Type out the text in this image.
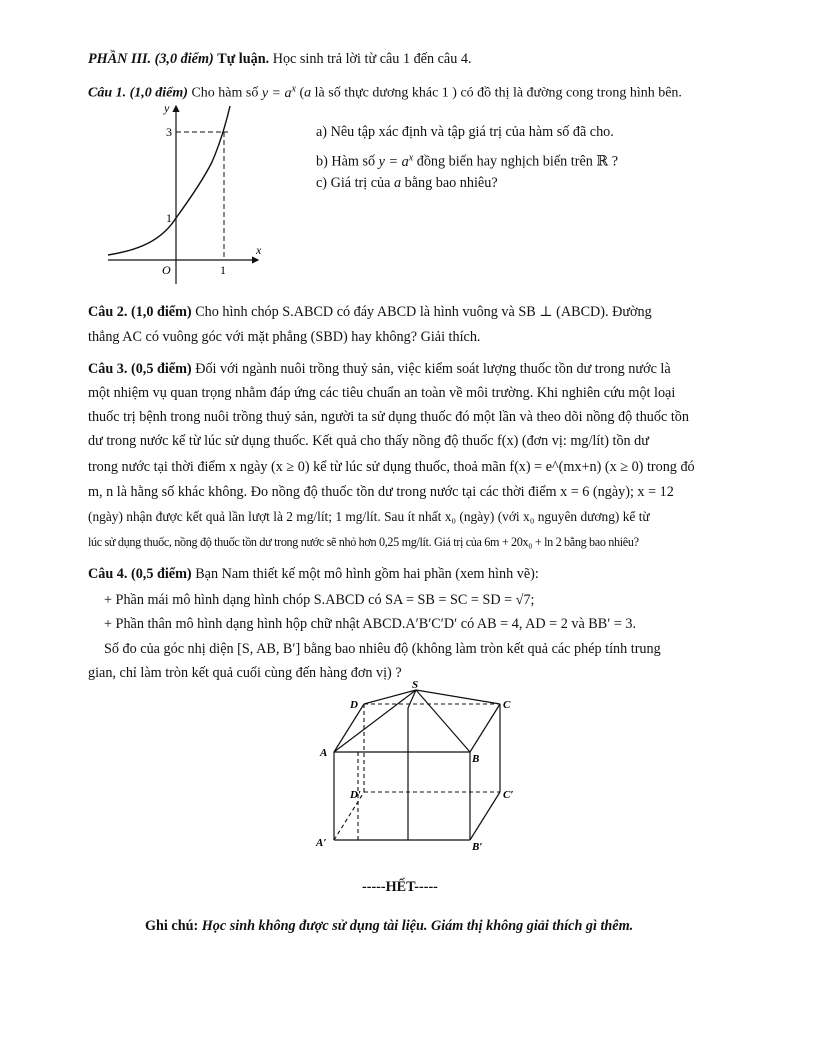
PHẦN III. (3,0 điểm) Tự luận. Học sinh trả lời từ câu 1 đến câu 4.
Câu 1. (1,0 điểm) Cho hàm số $y = a^x$ (a là số thực dương khác 1 ) có đồ thị là đường cong trong hình bên.
y
x
O	1
1
3	a) Nêu tập xác định và tập giá trị của hàm số đã cho.
b) Hàm số $y = a^x$ đồng biến hay nghịch biến trên ℝ ?
c) Giá trị của a bằng bao nhiêu?
Câu 2. (1,0 điểm) Cho hình chóp S.ABCD có đáy ABCD là hình vuông và SB ⊥ (ABCD). Đường
thẳng AC có vuông góc với mặt phẳng (SBD) hay không? Giải thích.
Câu 3. (0,5 điểm) Đối với ngành nuôi trồng thuỷ sản, việc kiểm soát lượng thuốc tồn dư trong nước là
một nhiệm vụ quan trọng nhằm đáp ứng các tiêu chuẩn an toàn về môi trường. Khi nghiên cứu một loại
thuốc trị bệnh trong nuôi trồng thuỷ sản, người ta sử dụng thuốc đó một lần và theo dõi nồng độ thuốc tồn
dư trong nước kể từ lúc sử dụng thuốc. Kết quả cho thấy nồng độ thuốc f(x) (đơn vị: mg/lít) tồn dư
trong nước tại thời điểm x ngày (x ≥ 0) kể từ lúc sử dụng thuốc, thoả mãn f(x) = e^(mx+n) (x ≥ 0) trong đó
m, n là hằng số khác không. Đo nồng độ thuốc tồn dư trong nước tại các thời điểm x = 6 (ngày); x = 12
(ngày) nhận được kết quả lần lượt là 2 mg/lít; 1 mg/lít. Sau ít nhất x₀ (ngày) (với x₀ nguyên dương) kể từ
lúc sử dụng thuốc, nồng độ thuốc tồn dư trong nước sẽ nhỏ hơn 0,25 mg/lít. Giá trị của 6m + 20x₀ + ln 2 bằng bao nhiêu?
Câu 4. (0,5 điểm) Bạn Nam thiết kế một mô hình gồm hai phần (xem hình vẽ):
+ Phần mái mô hình dạng hình chóp S.ABCD có SA = SB = SC = SD = √7;
+ Phần thân mô hình dạng hình hộp chữ nhật ABCD.A′B′C′D′ có AB = 4, AD = 2 và BB′ = 3.
Số đo của góc nhị diện [S, AB, B′] bằng bao nhiêu độ (không làm tròn kết quả các phép tính trung
gian, chỉ làm tròn kết quả cuối cùng đến hàng đơn vị) ?
S
D	C
A	B
D′	C′
A′	B′
-----HẾT-----
Ghi chú: Học sinh không được sử dụng tài liệu. Giám thị không giải thích gì thêm.
